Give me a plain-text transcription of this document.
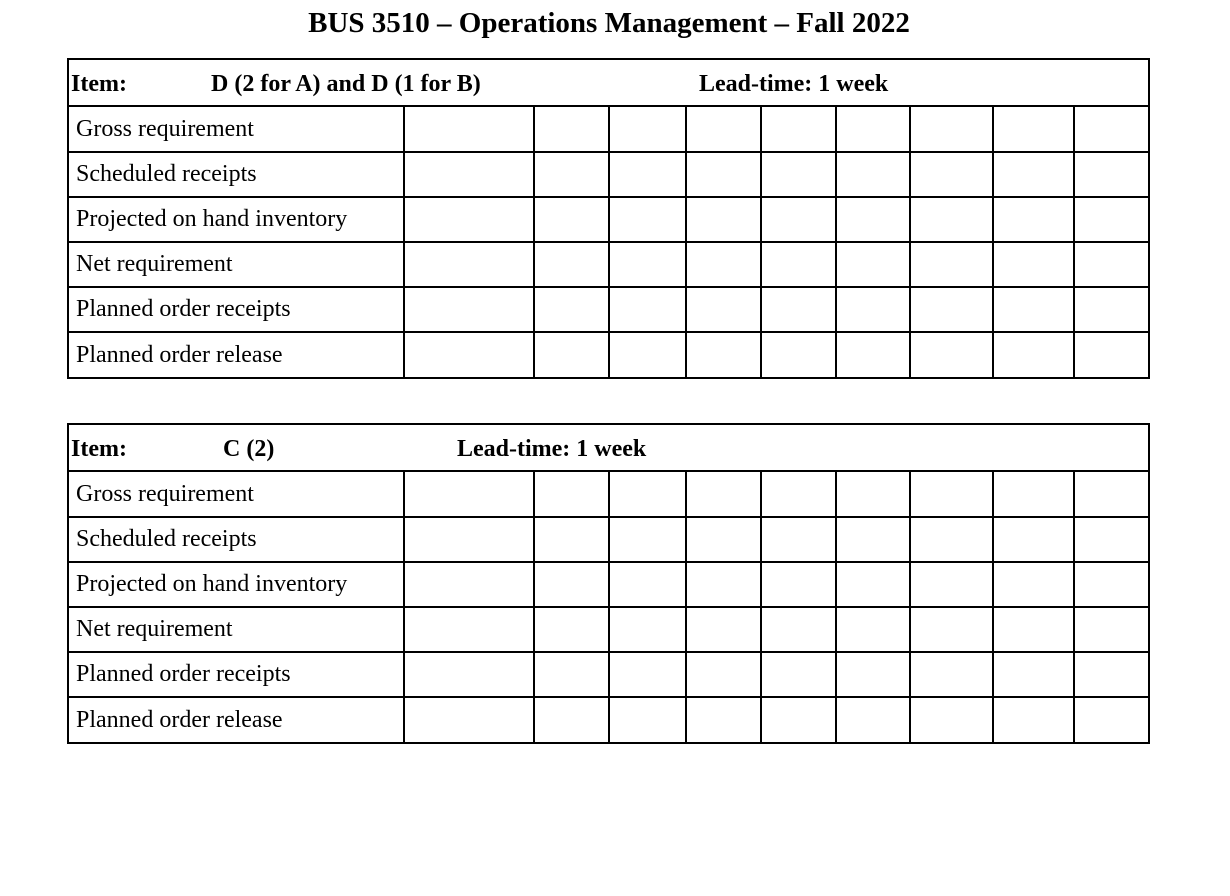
BUS 3510 – Operations Management – Fall 2022
Item:	D (2 for A) and D (1 for B)	Lead-time: 1 week
Gross requirement									
Scheduled receipts									
Projected on hand inventory									
Net requirement									
Planned order receipts									
Planned order release									
Item:	C (2)	Lead-time: 1 week
Gross requirement									
Scheduled receipts									
Projected on hand inventory									
Net requirement									
Planned order receipts									
Planned order release									
